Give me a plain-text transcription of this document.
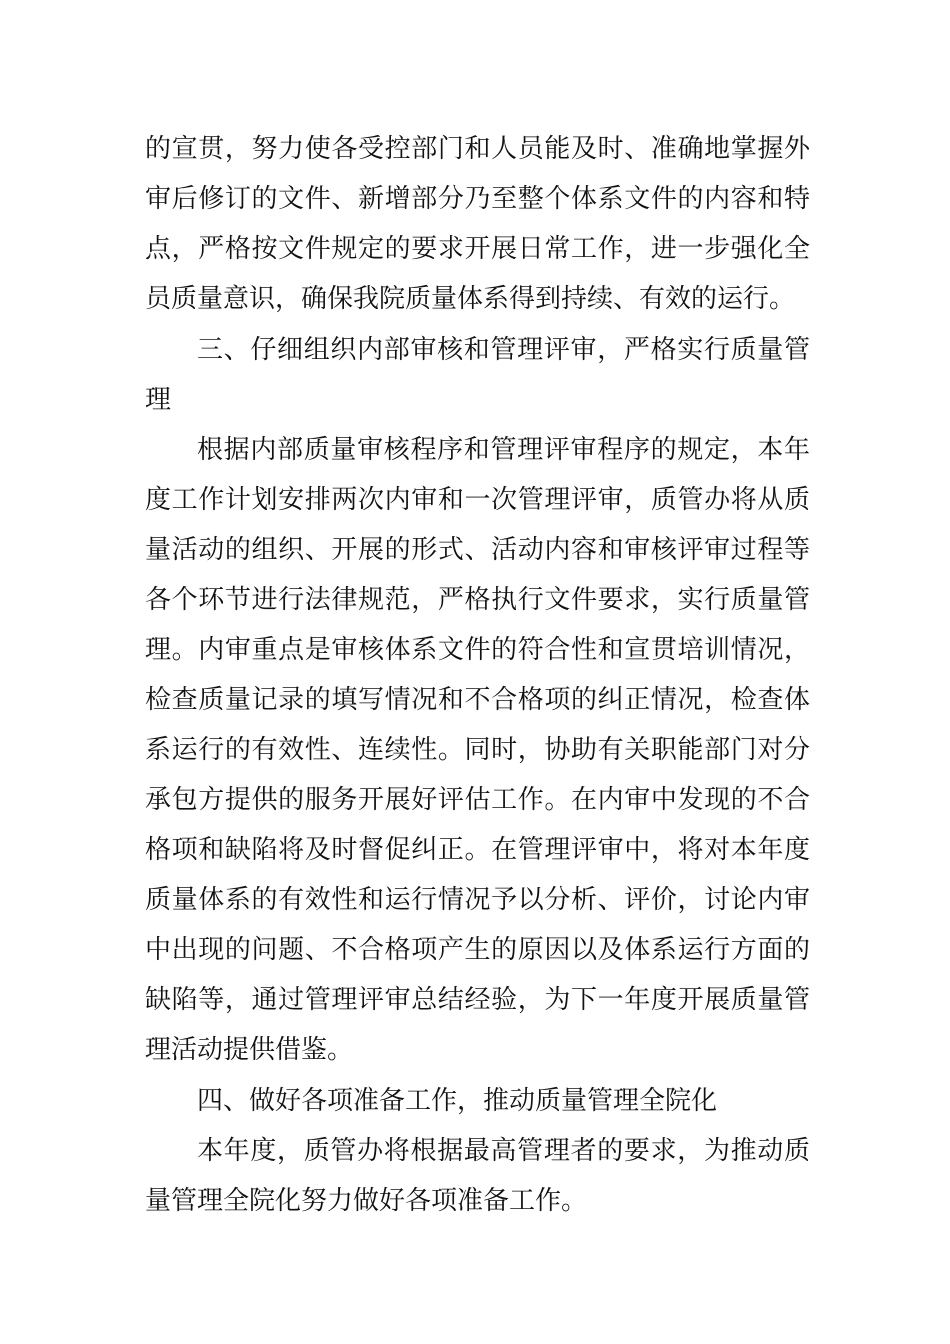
的宣贯，努力使各受控部门和人员能及时、准确地掌握外
审后修订的文件、新增部分乃至整个体系文件的内容和特
点，严格按文件规定的要求开展日常工作，进一步强化全
员质量意识，确保我院质量体系得到持续、有效的运行。
三、仔细组织内部审核和管理评审，严格实行质量管
理
根据内部质量审核程序和管理评审程序的规定，本年
度工作计划安排两次内审和一次管理评审，质管办将从质
量活动的组织、开展的形式、活动内容和审核评审过程等
各个环节进行法律规范，严格执行文件要求，实行质量管
理。内审重点是审核体系文件的符合性和宣贯培训情况，
检查质量记录的填写情况和不合格项的纠正情况，检查体
系运行的有效性、连续性。同时，协助有关职能部门对分
承包方提供的服务开展好评估工作。在内审中发现的不合
格项和缺陷将及时督促纠正。在管理评审中，将对本年度
质量体系的有效性和运行情况予以分析、评价，讨论内审
中出现的问题、不合格项产生的原因以及体系运行方面的
缺陷等，通过管理评审总结经验，为下一年度开展质量管
理活动提供借鉴。
四、做好各项准备工作，推动质量管理全院化
本年度，质管办将根据最高管理者的要求，为推动质
量管理全院化努力做好各项准备工作。
